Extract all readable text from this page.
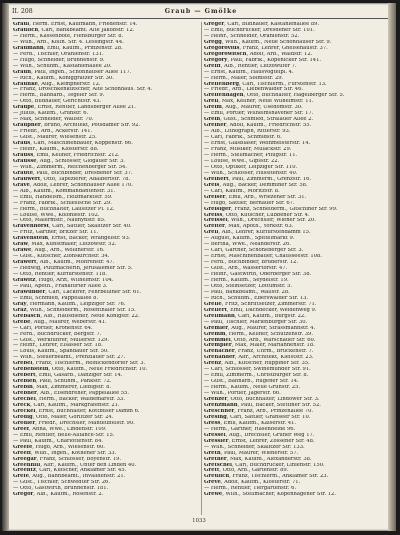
II. 208	Graub — Gmölke

Graul, Herm. Ernst, Kaufmann, Friedenstr. 14.

Graulich, Carl, Bankbeamt. Alte Jakobstr. 12.

— Herm., Kassenbote, Flensburger Str. 8.

— Wilh., Arb., Kölln. Str. 4. Lessingstr. 44.

Graumann, Emil, Kaufm., Prinzenstr. 28.

— Ferd., Tischler, Oranienstr. 131.

— Hugo, Schneider, Brunnenstr. 9.

— Wilh., Schuhm., Kastanienallee 20.

Graun, Paul, Ingen., Schönhauser Allee 117.

— Rich., Kaufm., Königgrätzer Str. 30.

Graunke, Aug., Klempnerstr. 12.

— Franz, Droschkenkutscher, Alte Schönhaus. Str. 4.

— Herm., Bahnarb., Tegeler Str. 9.

— Otto, Bildhauer, Gerichtstr. 43.

Graupe, Ernst, Rentier, Landsberger Allee 21.

— Julius, Kaufm., Grünstr. 6.

— Max, Schneider, Wallstr. 70.

Graupner, Bruno, Architekt, Potsdamer Str. 92.

— Friedr., Arb., Ackerstr. 141.

— Gust., Maurer, Wiesenstr. 25.

Graus, Carl, Maschinenbauer, Koppenstr. 66.

— Heinr., Kaufm., Klosterstr. 88.

Grauss, Emil, Kellner, Friedrichstr. 212.

Grausse, Aug., Schlosser, Glogauer Str. 3.

— Wilh., Zimmerm., Reichenberger Str. 54.

Graute, Paul, Buchbinder, Dresdener Str. 37.

Grauwert, Otto, Tapezierer, Adalbertstr. 78.

Grave, Adolf, Lehrer, Schönhauser Allee 170.

— Alb., Kaufm., Kommandantenstr. 31.

— Emil, Handelsm., Holzmarktstr. 59.

— Franz, Fabrik., Schlesische Str. 29.

— Herm., Buchhalter, Lausitzer Pl. 12.

— Louise, Wwe., Koloniestr. 102.

— Otto, Malermstr., Naunynstr. 85.

Gravenhorst, Carl, Sattler, Skalitzer Str. 40.

— Fritz, Gärtner, Britzer Str. 11.

Gravenstein, Ernst, Bäcker, Wrangelstr. 93.

Graw, Max, Kunstmaler, Lützowstr. 52.

Grawe, Aug., Arb., Wollinerstr. 16.

— Gust., Kutscher, Zionskirchstr. 34.

Grawert, Alb., Kaufm., Mohrenstr. 47.

— Hedwig, Putzmacherin, Jerusalemer Str. 5.

— Otto, Rentier, Kurfürstenstr. 118.

Grawitz, Hugo, Arzt, Wilhelmstr. 104.

— Paul, Apoth., Frankfurter Allee 3.

Grawunder, Carl, Lackirer, Fehrbelliner Str. 61.

— Emil, Schmied, Pappelallee 8.

Gray, Hermann, Kaufm., Leipziger Str. 76.

Graz, Wilh., Schneiderm., Rosenthaler Str. 15.

Grebasch, Alb., Hausdiener, Neue Königstr. 22.

Grebe, Aug., Maurer, Weberstr. 41.

— Carl, Portier, Kronenstr. 64.

— Ferd., Buchdrucker, Bergstr. 7.

— Gust., Werkführer, Müllerstr. 129.

— Heinr., Lehrer, Elsasser Str. 18.

— Louis, Kaufm., Spandauer Str. 50.

— Wilh., Steuerbeamt., Prenzlauer Str. 27.

Grebel, Franz, Tischlerm., Reinickendorfer Str. 3.

Grebenstein, Otto, Kaufm., Neue Friedrichstr. 10.

Grebert, Emil, Gasarb., Danziger Str. 14.

Grebien, Paul, Schuhm., Pankstr. 72.

Grebin, Max, Zimmerer, Liebigstr. 8.

Grebner, Alb., Eisendreher, Pappelallee 55.

Grechel, Herm., Bäcker, Waldemarstr. 33.

Greck, Carl, Kaufm., Markgrafenstr. 21.

Greckel, Ernst, Buchhalter, Kottbuser Damm 6.

Gredig, Otto, Maler, Görlitzer Str. 24.

Gredler, Friedr., Drechsler, Manteuffelstr. 90.

Greef, Anna, Wwe., Lindenstr. 109.

— Emil, Rentier, Belle-Alliance-Str. 15.

— Paul, Kaufm., Charlottenstr. 84.

Greefe, Hugo, Arb., Wiesenstr. 60.

Greeff, Wilh., Ingen., Köthener Str. 33.

Greegar, Franz, Schlosser, Boyenstr. 19.

Greenhill, Alfr., Kaufm., Unter den Linden 40.

Greentz, Carl, Kutscher, Anklamer Str. 45.

Grefe, Aug., Bahnbeamt., Invalidenstr. 21.

— Gust., Tischler, Schwedter Str. 26.

— Otto, Gastwirth, Brunnenstr. 181.

Gregor, Alb., Kaufm., Rosenstr. 2.

Greger, Carl, Bildhauer, Kastanienallee 89.

— Emil, Buchdrucker, Dresdener Str. 101.

— Heinr., Schneider, Oranienstr. 52.

Gregg, Wilh., Kaufm., Neue Schönhauser Str. 9.

Gregorovius, Franz, Lehrer, Gneisenaustr. 37.

Gregorowitsch, Adolf, Arb., Waldstr. 12.

Gregory, Paul, Fabrik., Köpenicker Str. 141.

Greiff, Alb., Rentier, Lützowufer 7.

— Ernst, Kaufm., Hausvogteipl. 4.

— Herm., Maler, Solmsstr. 29.

Greifenberg, Carl, Tischlerm., Fürstenstr. 13.

— Friedr., Arb., Liebenwalder Str. 46.

Greifenhagen, Otto, Buchhalter, Hagelberger Str. 5.

Greil, Max, Kellner, Neue Wilhelmstr. 11.

Greim, Aug., Maurer, Usedomstr. 30.

— Emil, Portier, Wilhelmshavener Str. 17.

Grein, Gust., Schmied, Stralauer Allee 2.

Greiner, Adolf, Kaufm., Friedrichstr. 55.

— Alb., Lithograph, Ritterstr. 93.

— Carl, Fabrik., Schmidstr. 6.

— Ernst, Glasbläser, Weinmeisterstr. 14.

— Franz, Musiker, Mulackstr. 29.

— Herm., Stellmacher, Pflugstr. 11.

— Louise, Wwe., Gipsstr. 22.

— Otto, Optiker, Leipziger Str. 110.

— Wilh., Schlosser, Hussitenstr. 40.

Greinert, Paul, Zimmerm., Grenzstr. 16.

Greis, Aug., Bäcker, Demminer Str. 58.

— Carl, Kaufm., Moritzstr. 8.

Greiser, Emil, Arb., Wriezener Str. 31.

— Hugo, Sattler, Bernauer Str. 67.

Greisiger, Franz, Schneiderm., Gitschiner Str. 99.

Greiss, Otto, Kutscher, Lübbener Str. 4.

Greissel, Wilh., Drechsler, Wiener Str. 20.

Greiter, Max, Apoth., Yorkstr. 63.

Grell, Alb., Lehrer, Kurfürstendamm 15.

— August, Kaufm., Spittelmarkt 9.

— Bertha, Wwe., Neanderstr. 26.

— Carl, Gärtner, Schöneberger Str. 3.

— Ernst, Maschinenbauer, Chausseestr. 108.

— Ferd., Buchbinder, Brüderstr. 12.

— Gust., Arb., Wassertorstr. 47.

— Heinr., Gastwirth, Oderberger Str. 38.

— Herm., Kaufm., Seydelstr. 19.

— Otto, Steinsetzer, Lottumstr. 5.

— Paul, Bankbeamt., Wallstr. 28.

— Rich., Schuhm., Eberswalder Str. 13.

Grelle, Fritz, Schriftsetzer, Zimmerstr. 71.

Grellert, Emil, Dachdecker, Weidenweg 9.

Grellmann, Carl, Kaufm., Burgstr. 22.

— Paul, Tischler, Marienburger Str. 30.

Gremler, Aug., Maurer, Strassmannstr. 4.

Gremm, Herm., Kellner, Schützenstr. 39.

Gremmel, Otto, Arb., Warschauer Str. 60.

Grempler, Max, Maler, Mariannenstr. 18.

Grenacher, Franz, Uhrm., Brückenstr. 7.

Grenander, Alfr., Architekt, Kleiststr. 23.

Grenz, Alb., Kutscher, Ruppiner Str. 35.

— Carl, Schlosser, Swinemünder Str. 91.

— Emil, Zimmerm., Christburger Str. 8.

— Gust., Bahnarb., Rügener Str. 14.

— Herm., Kaufm., Neue Grünstr. 25.

— Wilh., Portier, Jägerstr. 66.

Grenzer, Otto, Buchhalter, Lindower Str. 3.

Grenzmann, Paul, Bäcker, Stettiner Str. 52.

Greschner, Franz, Arb., Prinzenallee 70.

Gresing, Carl, Sattler, Granseer Str. 10.

Gress, Emil, Kaufm., Kaiserstr. 41.

— Herm., Gärtner, Hasenheide 96.

Gressel, Aug., Drechsler, Grüner Weg 17.

Gressler, Ernst, Lehrer, Zossener Str. 48.

— Wilh., Schneider, Skalitzer Str. 133.

Greth, Paul, Maurer, Wienerstr. 57.

Grether, Max, Kaufm., Alexanderstr. 38.

Gretschel, Carl, Buchdrucker, Linienstr. 150.

Grett, Otto, Arb., Gartenstr. 89.

Greulich, Franz, Tischlerm., Anklamer Str. 23.

Greve, Adolf, Kaufm., Klosterstr. 71.

— Herm., Rentier, Tiergartenstr. 6.

Grewe, Wilh., Stellmacher, Kopenhagener Str. 12.

1033
